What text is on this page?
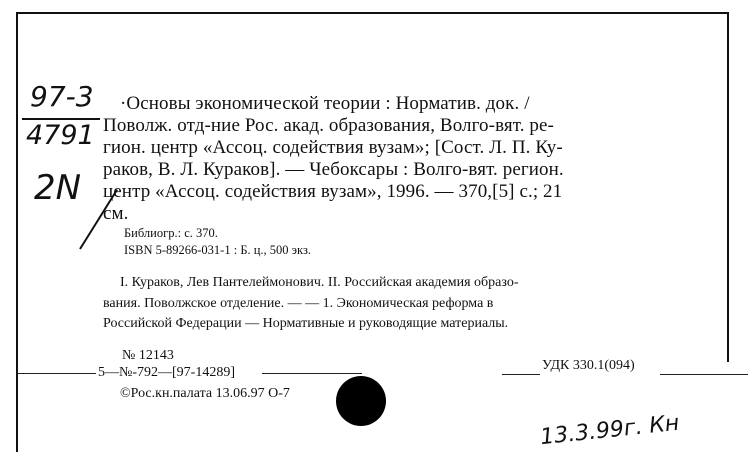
97-3
4791
2N
·Основы экономической теории : Норматив. док. /
Поволж. отд-ние Рос. акад. образования, Волго-вят. ре-
гион. центр «Ассоц. содействия вузам»; [Сост. Л. П. Ку-
раков, В. Л. Кураков]. — Чебоксары : Волго-вят. регион.
центр «Ассоц. содействия вузам», 1996. — 370,[5] с.; 21
см.
Библиогр.: с. 370.
ISBN 5-89266-031-1 : Б. ц., 500 экз.
I. Кураков, Лев Пантелеймонович. II. Российская академия образо-
вания. Поволжское отделение. — — 1. Экономическая реформа в
Российской Федерации — Нормативные и руководящие материалы.
№ 12143
УДК 330.1(094)
5—№-792—[97-14289]
©Рос.кн.палата 13.06.97 О-7
13.3.99г. Кн
